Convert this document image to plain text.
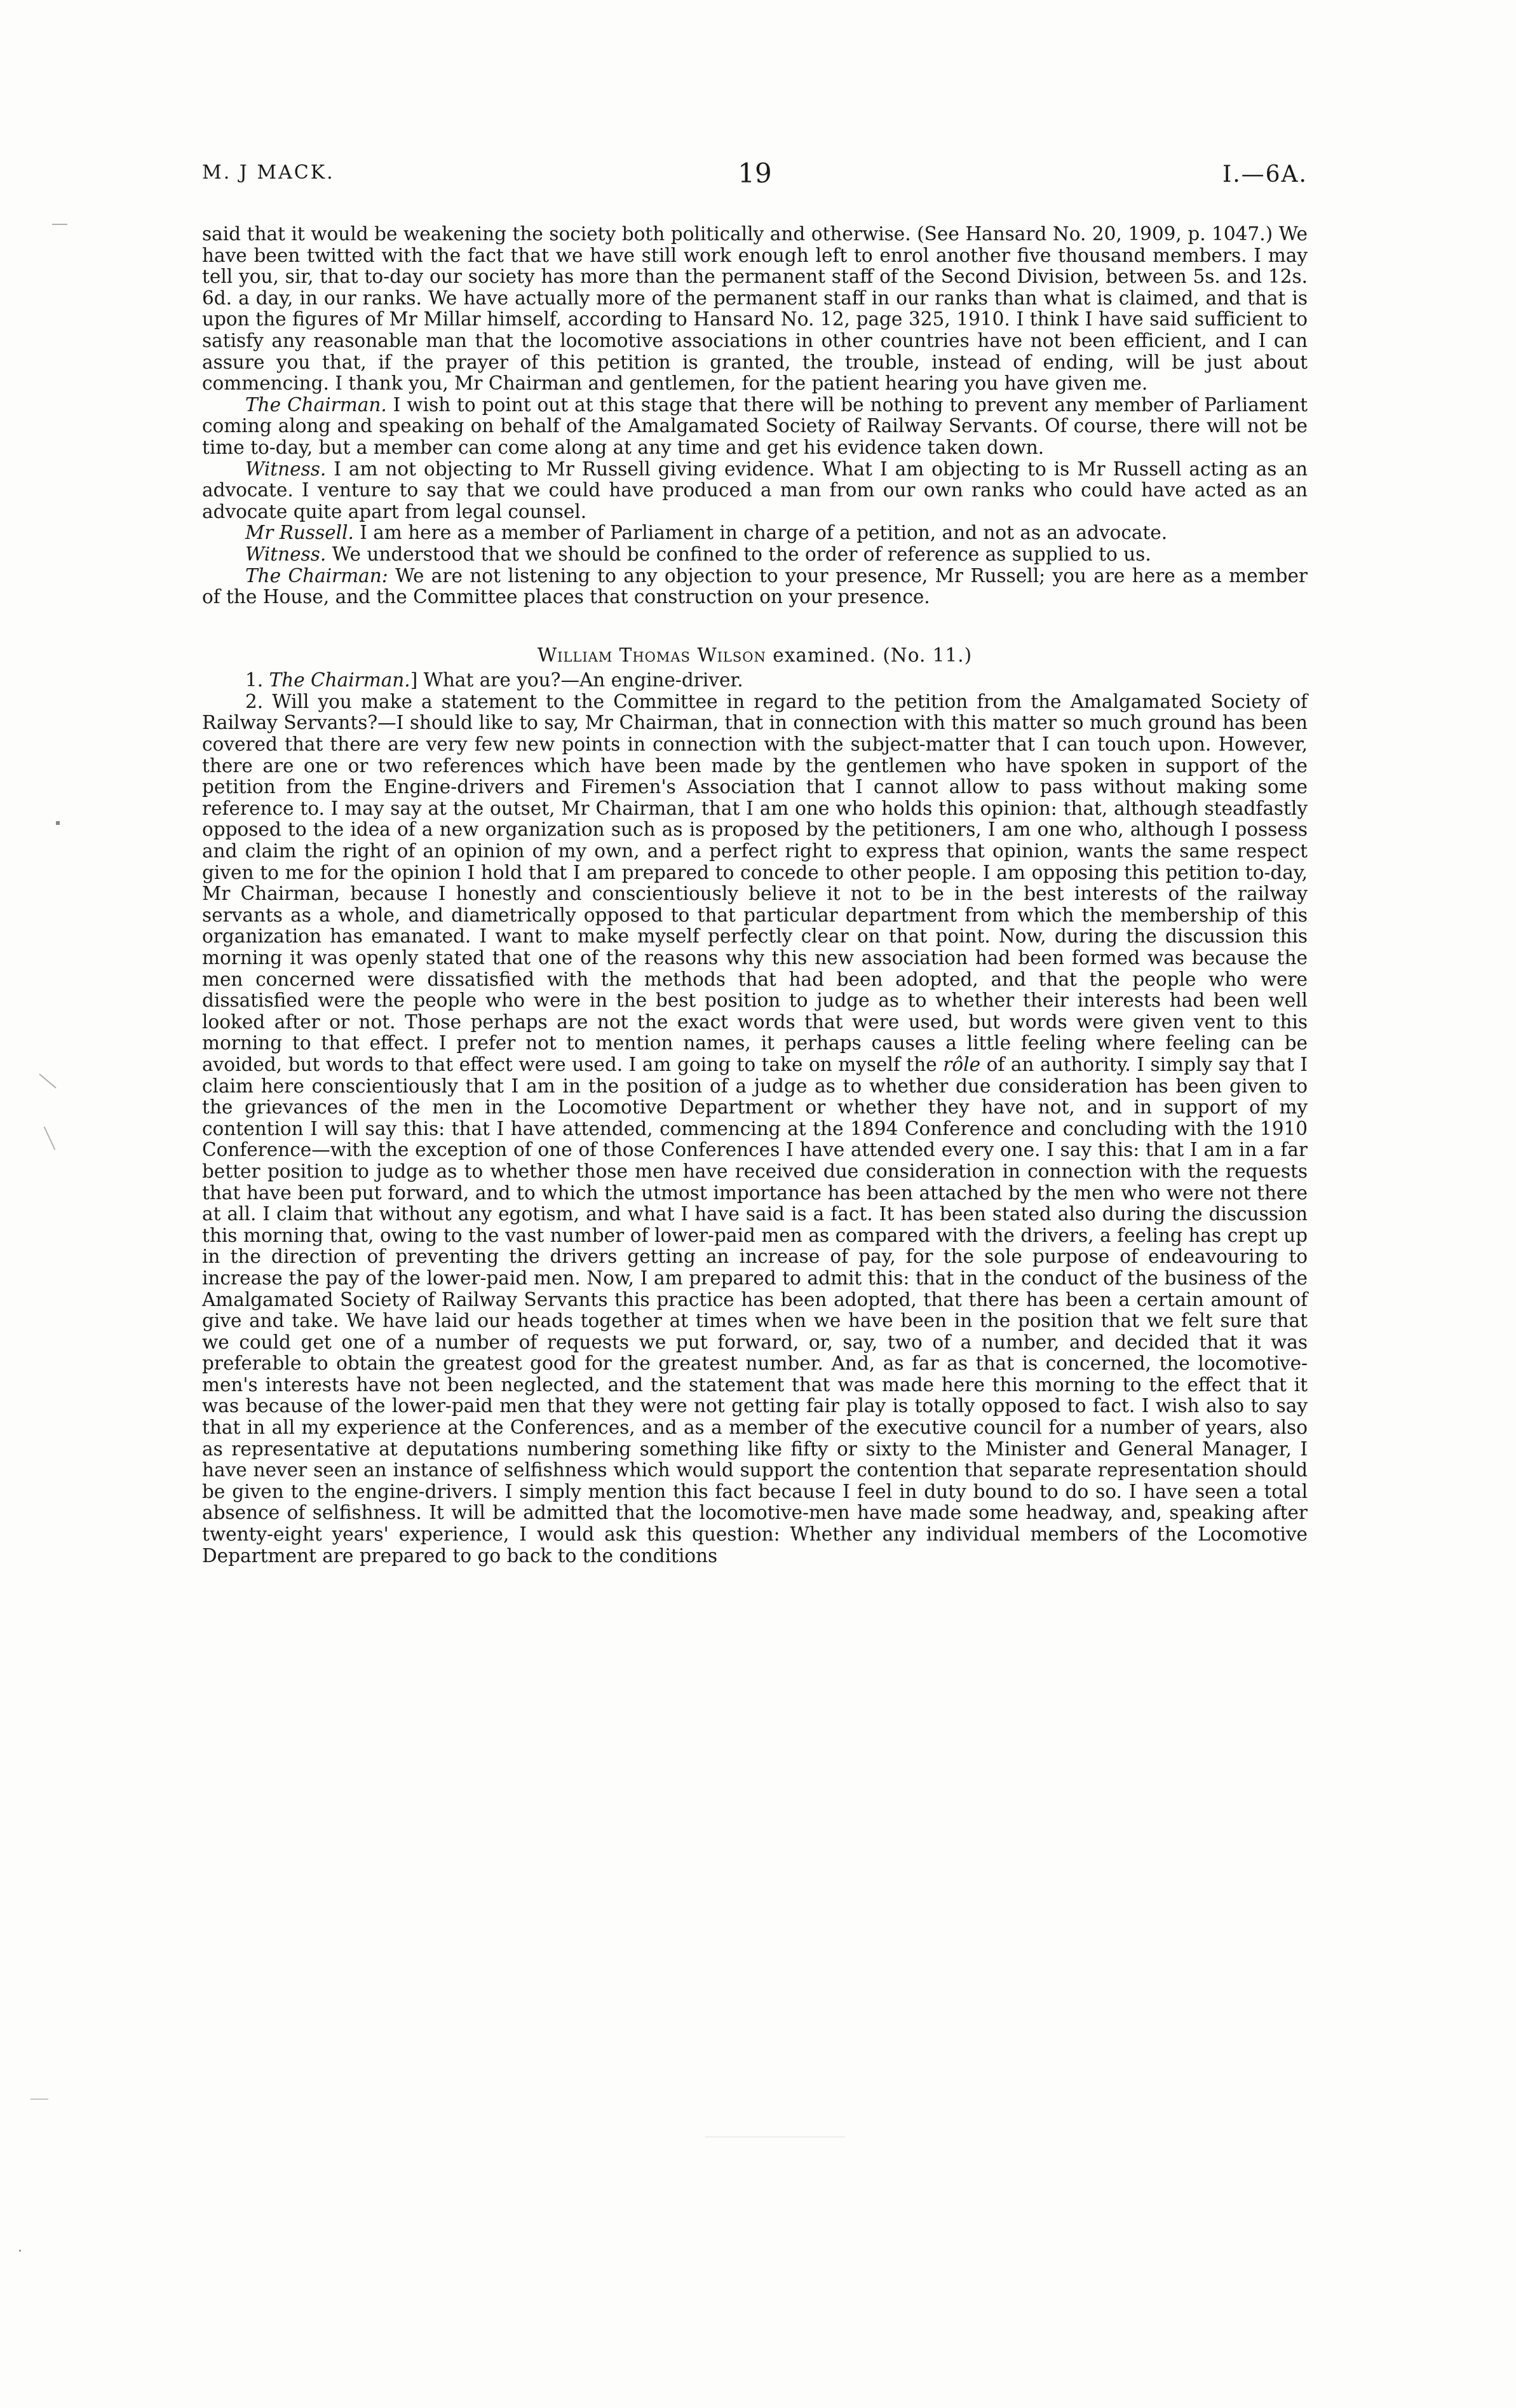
M. J MACK.	19	I.—6A.

said that it would be weakening the society both politically and otherwise. (See Hansard No. 20, 1909, p. 1047.) We have been twitted with the fact that we have still work enough left to enrol another five thousand members. I may tell you, sir, that to-day our society has more than the permanent staff of the Second Division, between 5s. and 12s. 6d. a day, in our ranks. We have actually more of the permanent staff in our ranks than what is claimed, and that is upon the figures of Mr Millar himself, according to Hansard No. 12, page 325, 1910. I think I have said sufficient to satisfy any reasonable man that the locomotive associations in other countries have not been efficient, and I can assure you that, if the prayer of this petition is granted, the trouble, instead of ending, will be just about commencing. I thank you, Mr Chairman and gentlemen, for the patient hearing you have given me.

The Chairman. I wish to point out at this stage that there will be nothing to prevent any member of Parliament coming along and speaking on behalf of the Amalgamated Society of Railway Servants. Of course, there will not be time to-day, but a member can come along at any time and get his evidence taken down.

Witness. I am not objecting to Mr Russell giving evidence. What I am objecting to is Mr Russell acting as an advocate. I venture to say that we could have produced a man from our own ranks who could have acted as an advocate quite apart from legal counsel.

Mr Russell. I am here as a member of Parliament in charge of a petition, and not as an advocate.

Witness. We understood that we should be confined to the order of reference as supplied to us.

The Chairman: We are not listening to any objection to your presence, Mr Russell; you are here as a member of the House, and the Committee places that construction on your presence.

William Thomas Wilson examined. (No. 11.)

1. The Chairman.] What are you?—An engine-driver.

2. Will you make a statement to the Committee in regard to the petition from the Amalgamated Society of Railway Servants?—I should like to say, Mr Chairman, that in connection with this matter so much ground has been covered that there are very few new points in connection with the subject-matter that I can touch upon. However, there are one or two references which have been made by the gentlemen who have spoken in support of the petition from the Engine-drivers and Firemen's Association that I cannot allow to pass without making some reference to. I may say at the outset, Mr Chairman, that I am one who holds this opinion: that, although steadfastly opposed to the idea of a new organization such as is proposed by the petitioners, I am one who, although I possess and claim the right of an opinion of my own, and a perfect right to express that opinion, wants the same respect given to me for the opinion I hold that I am prepared to concede to other people. I am opposing this petition to-day, Mr Chairman, because I honestly and conscientiously believe it not to be in the best interests of the railway servants as a whole, and diametrically opposed to that particular department from which the membership of this organization has emanated. I want to make myself perfectly clear on that point. Now, during the discussion this morning it was openly stated that one of the reasons why this new association had been formed was because the men concerned were dissatisfied with the methods that had been adopted, and that the people who were dissatisfied were the people who were in the best position to judge as to whether their interests had been well looked after or not. Those perhaps are not the exact words that were used, but words were given vent to this morning to that effect. I prefer not to mention names, it perhaps causes a little feeling where feeling can be avoided, but words to that effect were used. I am going to take on myself the rôle of an authority. I simply say that I claim here conscientiously that I am in the position of a judge as to whether due consideration has been given to the grievances of the men in the Locomotive Department or whether they have not, and in support of my contention I will say this: that I have attended, commencing at the 1894 Conference and concluding with the 1910 Conference—with the exception of one of those Conferences I have attended every one. I say this: that I am in a far better position to judge as to whether those men have received due consideration in connection with the requests that have been put forward, and to which the utmost importance has been attached by the men who were not there at all. I claim that without any egotism, and what I have said is a fact. It has been stated also during the discussion this morning that, owing to the vast number of lower-paid men as compared with the drivers, a feeling has crept up in the direction of preventing the drivers getting an increase of pay, for the sole purpose of endeavouring to increase the pay of the lower-paid men. Now, I am prepared to admit this: that in the conduct of the business of the Amalgamated Society of Railway Servants this practice has been adopted, that there has been a certain amount of give and take. We have laid our heads together at times when we have been in the position that we felt sure that we could get one of a number of requests we put forward, or, say, two of a number, and decided that it was preferable to obtain the greatest good for the greatest number. And, as far as that is concerned, the locomotive-men's interests have not been neglected, and the statement that was made here this morning to the effect that it was because of the lower-paid men that they were not getting fair play is totally opposed to fact. I wish also to say that in all my experience at the Conferences, and as a member of the executive council for a number of years, also as representative at deputations numbering something like fifty or sixty to the Minister and General Manager, I have never seen an instance of selfishness which would support the contention that separate representation should be given to the engine-drivers. I simply mention this fact because I feel in duty bound to do so. I have seen a total absence of selfishness. It will be admitted that the locomotive-men have made some headway, and, speaking after twenty-eight years' experience, I would ask this question: Whether any individual members of the Locomotive Department are prepared to go back to the conditions
